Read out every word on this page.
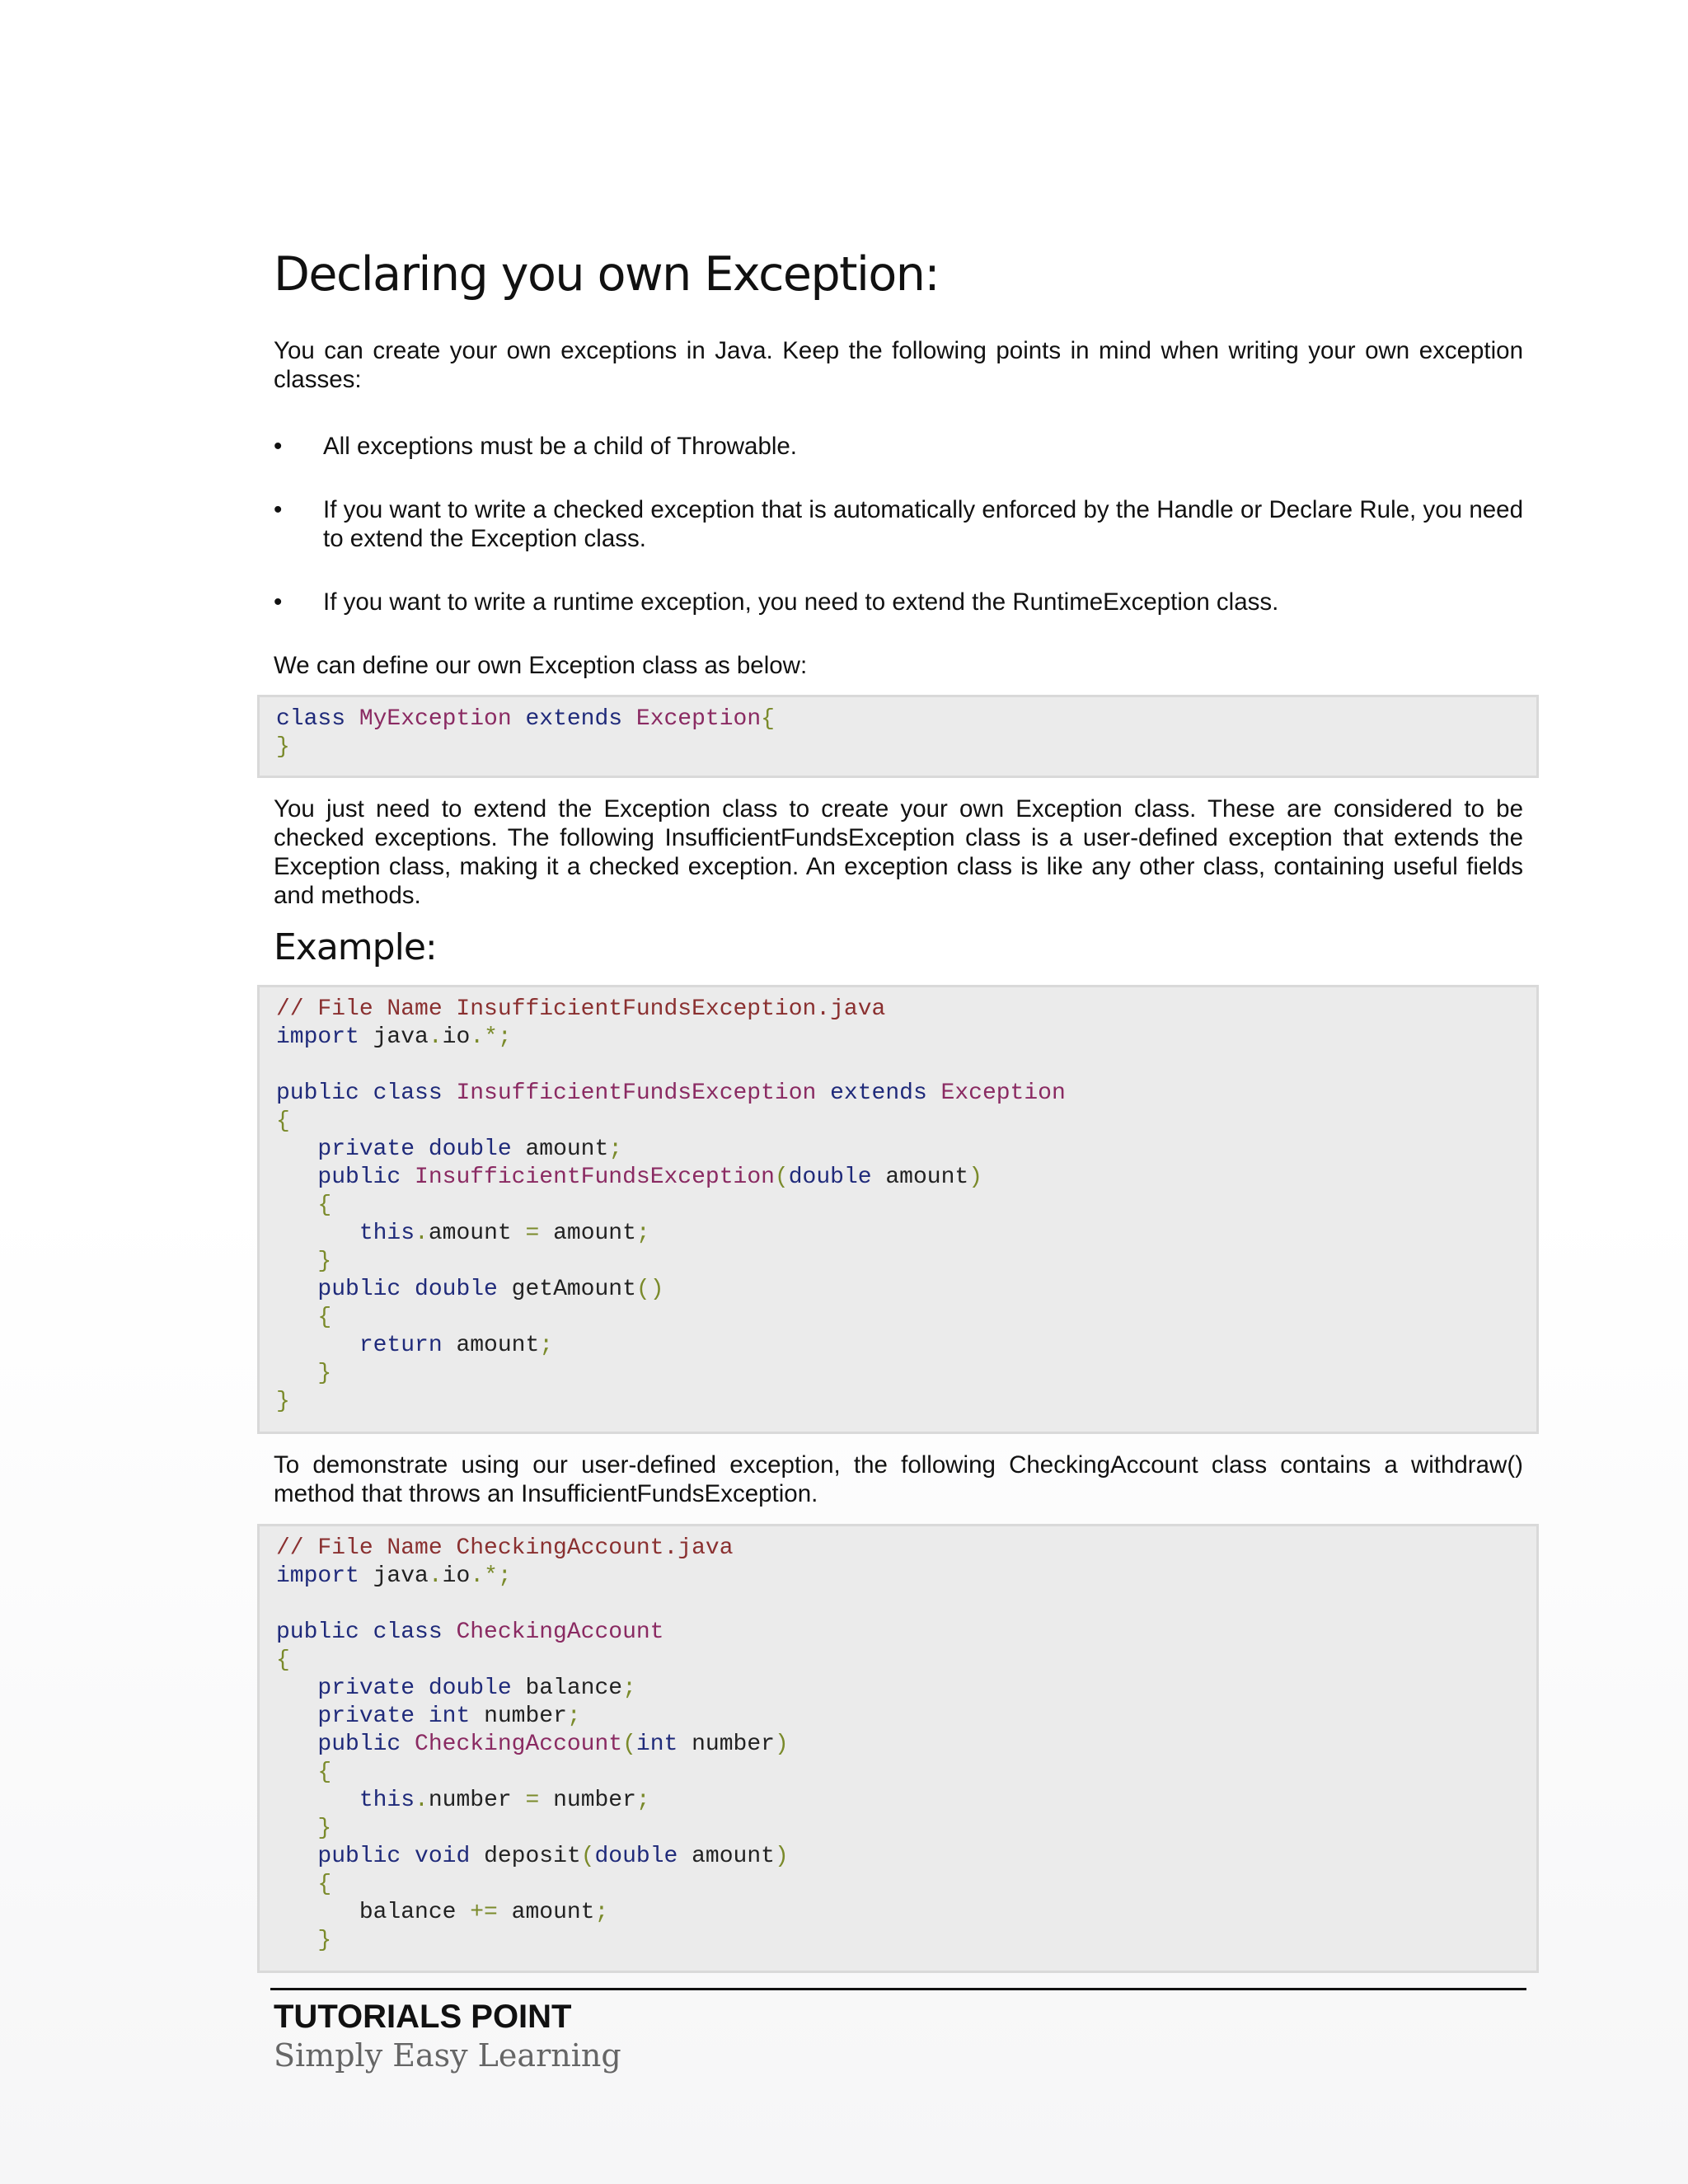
Declaring you own Exception:

You can create your own exceptions in Java. Keep the following points in mind when writing your own exception classes:

• All exceptions must be a child of Throwable.
• If you want to write a checked exception that is automatically enforced by the Handle or Declare Rule, you need to extend the Exception class.
• If you want to write a runtime exception, you need to extend the RuntimeException class.

We can define our own Exception class as below:

class MyException extends Exception{
}

You just need to extend the Exception class to create your own Exception class. These are considered to be checked exceptions. The following InsufficientFundsException class is a user-defined exception that extends the Exception class, making it a checked exception. An exception class is like any other class, containing useful fields and methods.

Example:
// File Name InsufficientFundsException.java
import java.io.*;
public class InsufficientFundsException extends Exception
{
private double amount;
public InsufficientFundsException(double amount)
{
this.amount = amount;
}
public double getAmount()
{
return amount;
}
}

To demonstrate using our user-defined exception, the following CheckingAccount class contains a withdraw() method that throws an InsufficientFundsException.

// File Name CheckingAccount.java
import java.io.*;
public class CheckingAccount
{
private double balance;
private int number;
public CheckingAccount(int number)
{
this.number = number;
}
public void deposit(double amount)
{
balance += amount;
}
TUTORIALS POINT
Simply Easy Learning
